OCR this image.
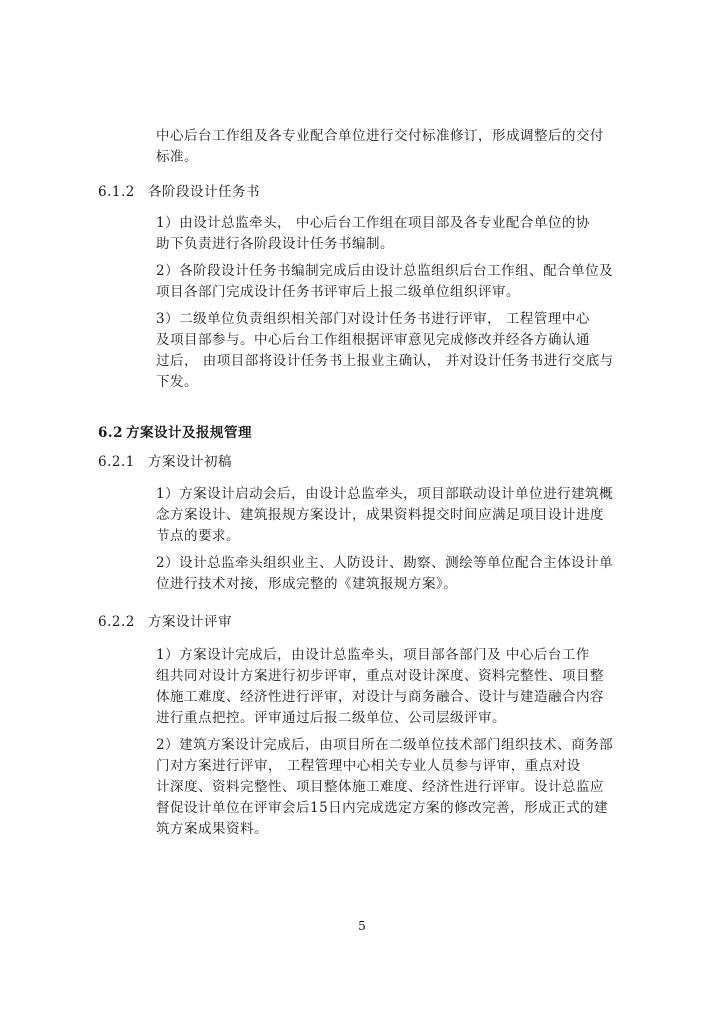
中心后台工作组及各专业配合单位进行交付标准修订，形成调整后的交付
标准。
6.1.2 各阶段设计任务书
1）由设计总监牵头， 中心后台工作组在项目部及各专业配合单位的协
助下负责进行各阶段设计任务书编制。
2）各阶段设计任务书编制完成后由设计总监组织后台工作组、配合单位及
项目各部门完成设计任务书评审后上报二级单位组织评审。
3）二级单位负责组织相关部门对设计任务书进行评审， 工程管理中心
及项目部参与。中心后台工作组根据评审意见完成修改并经各方确认通
过后， 由项目部将设计任务书上报业主确认， 并对设计任务书进行交底与
下发。
6.2 方案设计及报规管理
6.2.1 方案设计初稿
1）方案设计启动会后，由设计总监牵头，项目部联动设计单位进行建筑概
念方案设计、建筑报规方案设计，成果资料提交时间应满足项目设计进度
节点的要求。
2）设计总监牵头组织业主、人防设计、勘察、测绘等单位配合主体设计单
位进行技术对接，形成完整的《建筑报规方案》。
6.2.2 方案设计评审
1）方案设计完成后，由设计总监牵头，项目部各部门及 中心后台工作
组共同对设计方案进行初步评审，重点对设计深度、资料完整性、项目整
体施工难度、经济性进行评审，对设计与商务融合、设计与建造融合内容
进行重点把控。评审通过后报二级单位、公司层级评审。
2）建筑方案设计完成后，由项目所在二级单位技术部门组织技术、商务部
门对方案进行评审， 工程管理中心相关专业人员参与评审，重点对设
计深度、资料完整性、项目整体施工难度、经济性进行评审。设计总监应
督促设计单位在评审会后15日内完成选定方案的修改完善，形成正式的建
筑方案成果资料。
5
